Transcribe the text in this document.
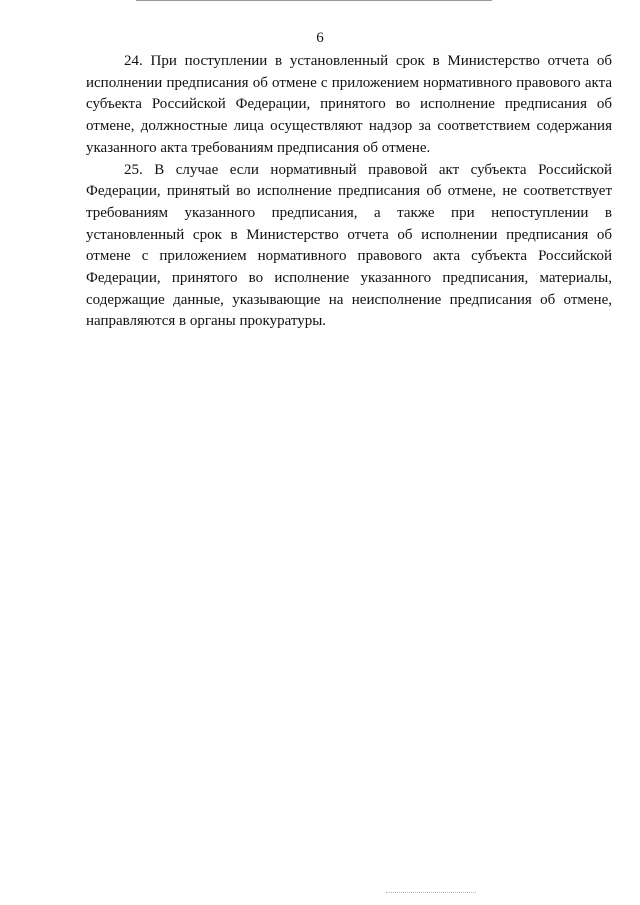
6

24. При поступлении в установленный срок в Министерство отчета об исполнении предписания об отмене с приложением нормативного правового акта субъекта Российской Федерации, принятого во исполнение предписания об отмене, должностные лица осуществляют надзор за соответствием содержания указанного акта требованиям предписания об отмене.

25. В случае если нормативный правовой акт субъекта Российской Федерации, принятый во исполнение предписания об отмене, не соответствует требованиям указанного предписания, а также при непоступлении в установленный срок в Министерство отчета об исполнении предписания об отмене с приложением нормативного правового акта субъекта Российской Федерации, принятого во исполнение указанного предписания, материалы, содержащие данные, указывающие на неисполнение предписания об отмене, направляются в органы прокуратуры.
